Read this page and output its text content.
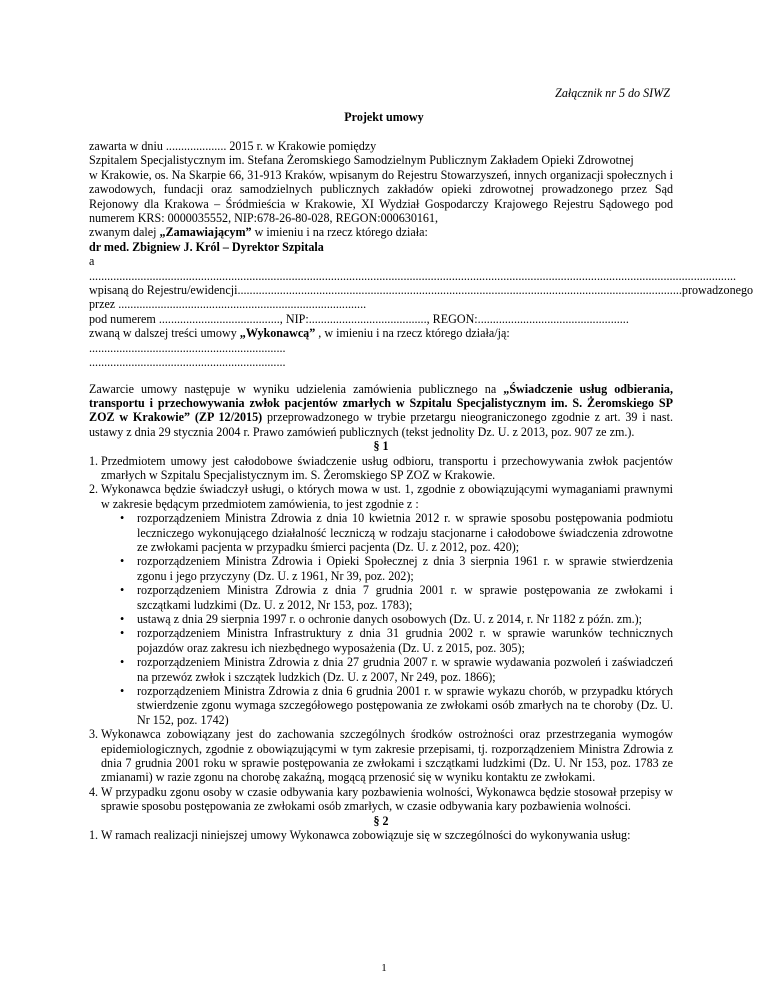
Załącznik nr 5 do SIWZ
Projekt umowy
zawarta w dniu .................... 2015 r. w Krakowie pomiędzy
Szpitalem Specjalistycznym im. Stefana Żeromskiego Samodzielnym Publicznym Zakładem Opieki Zdrowotnej
w Krakowie, os. Na Skarpie 66, 31-913 Kraków, wpisanym do Rejestru Stowarzyszeń, innych organizacji społecznych i zawodowych, fundacji oraz samodzielnych publicznych zakładów opieki zdrowotnej prowadzonego przez Sąd Rejonowy dla Krakowa – Śródmieścia w Krakowie, XI Wydział Gospodarczy Krajowego Rejestru Sądowego pod numerem KRS: 0000035552, NIP:678-26-80-028, REGON:000630161,
zwanym dalej „Zamawiającym” w imieniu i na rzecz którego działa:
dr med. Zbigniew J. Król – Dyrektor Szpitala
a
......................................................................................................................................................................................................................
wpisaną do Rejestru/ewidencji ................................................................................................................................................... prowadzonego
przez ..................................................................................
pod numerem ........................................, NIP:......................................., REGON:..................................................
zwaną w dalszej treści umowy „Wykonawcą” , w imieniu i na rzecz którego działa/ją:
.................................................................
.................................................................
Zawarcie umowy następuje w wyniku udzielenia zamówienia publicznego na „Świadczenie usług odbierania, transportu i przechowywania zwłok pacjentów zmarłych w Szpitalu Specjalistycznym im. S. Żeromskiego SP ZOZ w Krakowie” (ZP 12/2015) przeprowadzonego w trybie przetargu nieograniczonego zgodnie z art. 39 i nast. ustawy z dnia 29 stycznia 2004 r. Prawo zamówień publicznych (tekst jednolity Dz. U. z 2013, poz. 907 ze zm.).
§ 1
1. Przedmiotem umowy jest całodobowe świadczenie usług odbioru, transportu i przechowywania zwłok pacjentów zmarłych w Szpitalu Specjalistycznym im. S. Żeromskiego SP ZOZ w Krakowie.
2. Wykonawca będzie świadczył usługi, o których mowa w ust. 1, zgodnie z obowiązującymi wymaganiami prawnymi w zakresie będącym przedmiotem zamówienia, to jest zgodnie z :
• rozporządzeniem Ministra Zdrowia z dnia 10 kwietnia 2012 r. w sprawie sposobu postępowania podmiotu leczniczego wykonującego działalność leczniczą w rodzaju stacjonarne i całodobowe świadczenia zdrowotne ze zwłokami pacjenta w przypadku śmierci pacjenta (Dz. U. z 2012, poz. 420);
• rozporządzeniem Ministra Zdrowia i Opieki Społecznej z dnia 3 sierpnia 1961 r. w sprawie stwierdzenia zgonu i jego przyczyny (Dz. U. z 1961, Nr 39, poz. 202);
• rozporządzeniem Ministra Zdrowia z dnia 7 grudnia 2001 r. w sprawie postępowania ze zwłokami i szczątkami ludzkimi (Dz. U. z 2012, Nr 153, poz. 1783);
• ustawą z dnia 29 sierpnia 1997 r. o ochronie danych osobowych (Dz. U. z 2014, r. Nr 1182 z późn. zm.);
• rozporządzeniem Ministra Infrastruktury z dnia 31 grudnia 2002 r. w sprawie warunków technicznych pojazdów oraz zakresu ich niezbędnego wyposażenia (Dz. U. z 2015, poz. 305);
• rozporządzeniem Ministra Zdrowia z dnia 27 grudnia 2007 r. w sprawie wydawania pozwoleń i zaświadczeń na przewóz zwłok i szczątek ludzkich (Dz. U. z 2007, Nr 249, poz. 1866);
• rozporządzeniem Ministra Zdrowia z dnia 6 grudnia 2001 r. w sprawie wykazu chorób, w przypadku których stwierdzenie zgonu wymaga szczegółowego postępowania ze zwłokami osób zmarłych na te choroby (Dz. U. Nr 152, poz. 1742)
3. Wykonawca zobowiązany jest do zachowania szczególnych środków ostrożności oraz przestrzegania wymogów epidemiologicznych, zgodnie z obowiązującymi w tym zakresie przepisami, tj. rozporządzeniem Ministra Zdrowia z dnia 7 grudnia 2001 roku w sprawie postępowania ze zwłokami i szczątkami ludzkimi (Dz. U. Nr 153, poz. 1783 ze zmianami) w razie zgonu na chorobę zakaźną, mogącą przenosić się w wyniku kontaktu ze zwłokami.
4. W przypadku zgonu osoby w czasie odbywania kary pozbawienia wolności, Wykonawca będzie stosował przepisy w sprawie sposobu postępowania ze zwłokami osób zmarłych, w czasie odbywania kary pozbawienia wolności.
§ 2
1. W ramach realizacji niniejszej umowy Wykonawca zobowiązuje się w szczególności do wykonywania usług:
1
